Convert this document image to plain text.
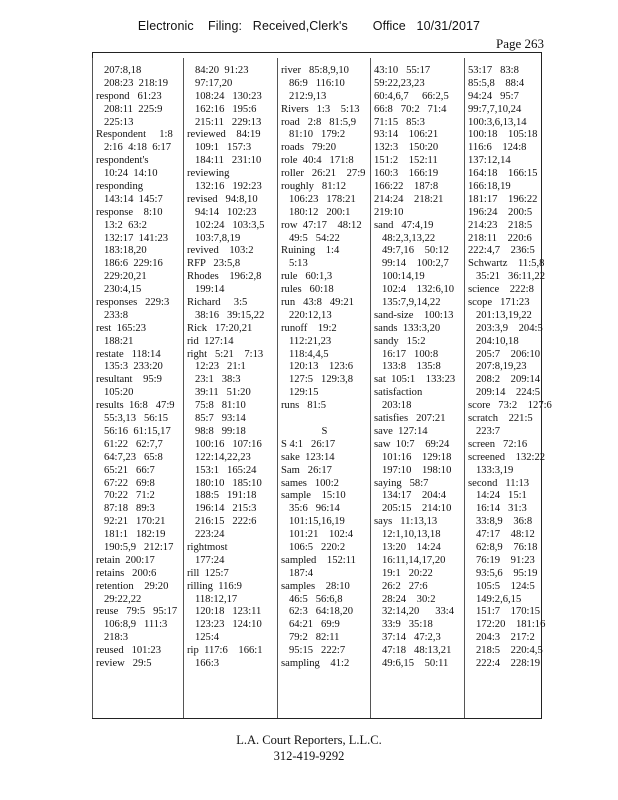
Electronic    Filing:   Received,Clerk's       Office   10/31/2017
Page 263
207:8,18
208:23  218:19
respond   61:23
208:11  225:9
225:13
Respondent     1:8
2:16  4:18  6:17
respondent's
10:24  14:10
responding
143:14  145:7
response    8:10
13:2  63:2
132:17  141:23
183:18,20
186:6  229:16
229:20,21
230:4,15
responses   229:3
233:8
rest  165:23
188:21
restate   118:14
135:3  233:20
resultant    95:9
105:20
results  16:8   47:9
55:3,13   56:15
56:16  61:15,17
61:22   62:7,7
64:7,23   65:8
65:21   66:7
67:22   69:8
70:22   71:2
87:18   89:3
92:21   170:21
181:1   182:19
190:5,9   212:17
retain  200:17
retains   200:6
retention    29:20
29:22,22
reuse   79:5   95:17
106:8,9   111:3
218:3
reused   101:23
review   29:5
84:20  91:23
97:17,20
108:24   130:23
162:16   195:6
215:11   229:13
reviewed    84:19
109:1   157:3
184:11   231:10
reviewing
132:16   192:23
revised   94:8,10
94:14   102:23
102:24   103:3,5
103:7,8,19
revived    103:2
RFP   23:5,8
Rhodes    196:2,8
199:14
Richard     3:5
38:16   39:15,22
Rick   17:20,21
rid  127:14
right   5:21    7:13
12:23   21:1
23:1   38:3
39:11   51:20
75:8   81:10
85:7   93:14
98:8   99:18
100:16   107:16
122:14,22,23
153:1   165:24
180:10   185:10
188:5   191:18
196:14   215:3
216:15   222:6
223:24
rightmost
177:24
rill  125:7
rilling  116:9
118:12,17
120:18   123:11
123:23   124:10
125:4
rip  117:6    166:1
166:3
river   85:8,9,10
86:9   116:10
212:9,13
Rivers   1:3    5:13
road   2:8   81:5,9
81:10   179:2
roads   79:20
role  40:4   171:8
roller   26:21    27:9
roughly   81:12
106:23   178:21
180:12   200:1
row  47:17    48:12
49:5   54:22
Ruining    1:4
5:13
rule   60:1,3
rules   60:18
run   43:8   49:21
220:12,13
runoff    19:2
112:21,23
118:4,4,5
120:13    123:6
127:5   129:3,8
129:15
runs   81:5
S
S 4:1   26:17
sake  123:14
Sam   26:17
sames   100:2
sample    15:10
35:6   96:14
101:15,16,19
101:21    102:4
106:5   220:2
sampled    152:11
187:4
samples    28:10
46:5   56:6,8
62:3   64:18,20
64:21   69:9
79:2   82:11
95:15   222:7
sampling    41:2
43:10   55:17
59:22,23,23
60:4,6,7     66:2,5
66:8   70:2   71:4
71:15   85:3
93:14    106:21
132:3    150:20
151:2    152:11
160:3    166:19
166:22    187:8
214:24    218:21
219:10
sand   47:4,19
48:2,3,13,22
49:7,16    50:12
99:14    100:2,7
100:14,19
102:4    132:6,10
135:7,9,14,22
sand-size    100:13
sands  133:3,20
sandy   15:2
16:17   100:8
133:8    135:8
sat  105:1    133:23
satisfaction
203:18
satisfies   207:21
save  127:14
saw  10:7    69:24
101:16    129:18
197:10    198:10
saying   58:7
134:17    204:4
205:15    214:10
says   11:13,13
12:1,10,13,18
13:20    14:24
16:11,14,17,20
19:1   20:22
26:2   27:6
28:24    30:2
32:14,20      33:4
33:9   35:18
37:14   47:2,3
47:18   48:13,21
49:6,15    50:11
53:17   83:8
85:5,8    88:4
94:24   95:7
99:7,7,10,24
100:3,6,13,14
100:18    105:18
116:6    124:8
137:12,14
164:18    166:15
166:18,19
181:17    196:22
196:24    200:5
214:23    218:5
218:11    220:6
222:4,7    236:5
Schwartz    11:5,8
35:21   36:11,22
science    222:8
scope   171:23
201:13,19,22
203:3,9    204:5
204:10,18
205:7    206:10
207:8,19,23
208:2    209:14
209:14    224:5
score   73:2    127:6
scratch    221:5
223:7
screen   72:16
screened    132:22
133:3,19
second   11:13
14:24   15:1
16:14   31:3
33:8,9    36:8
47:17    48:12
62:8,9    76:18
76:19    91:23
93:5,6    95:19
105:5    124:5
149:2,6,15
151:7    170:15
172:20    181:16
204:3    217:2
218:5    220:4,5
222:4    228:19
L.A. Court Reporters, L.L.C.
312-419-9292
